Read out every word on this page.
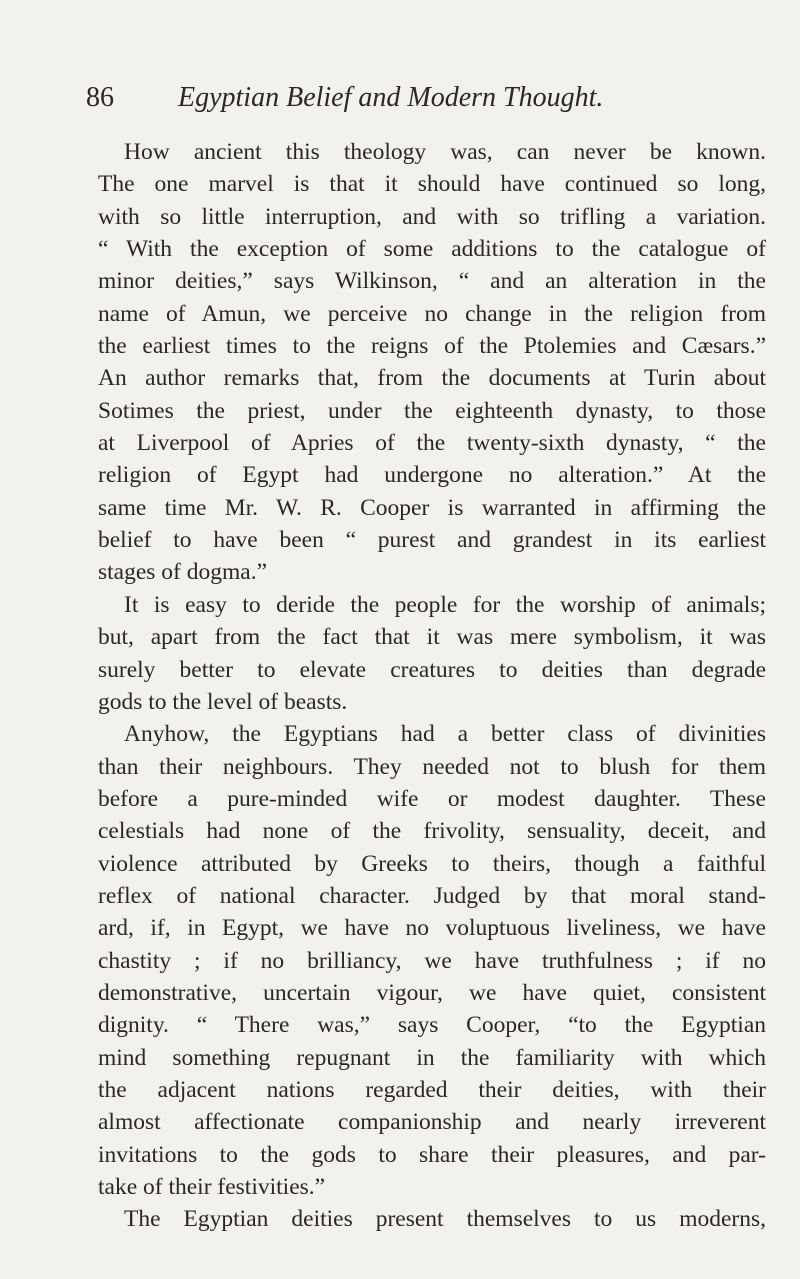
86 Egyptian Belief and Modern Thought.
How ancient this theology was, can never be known.
The one marvel is that it should have continued so long,
with so little interruption, and with so trifling a variation.
“ With the exception of some additions to the catalogue of
minor deities,” says Wilkinson, “ and an alteration in the
name of Amun, we perceive no change in the religion from
the earliest times to the reigns of the Ptolemies and Cæsars.”
An author remarks that, from the documents at Turin about
Sotimes the priest, under the eighteenth dynasty, to those
at Liverpool of Apries of the twenty-sixth dynasty, “ the
religion of Egypt had undergone no alteration.” At the
same time Mr. W. R. Cooper is warranted in affirming the
belief to have been “ purest and grandest in its earliest
stages of dogma.”
It is easy to deride the people for the worship of animals;
but, apart from the fact that it was mere symbolism, it was
surely better to elevate creatures to deities than degrade
gods to the level of beasts.
Anyhow, the Egyptians had a better class of divinities
than their neighbours. They needed not to blush for them
before a pure-minded wife or modest daughter. These
celestials had none of the frivolity, sensuality, deceit, and
violence attributed by Greeks to theirs, though a faithful
reflex of national character. Judged by that moral stand-
ard, if, in Egypt, we have no voluptuous liveliness, we have
chastity ; if no brilliancy, we have truthfulness ; if no
demonstrative, uncertain vigour, we have quiet, consistent
dignity. “ There was,” says Cooper, “to the Egyptian
mind something repugnant in the familiarity with which
the adjacent nations regarded their deities, with their
almost affectionate companionship and nearly irreverent
invitations to the gods to share their pleasures, and par-
take of their festivities.”
The Egyptian deities present themselves to us moderns,
